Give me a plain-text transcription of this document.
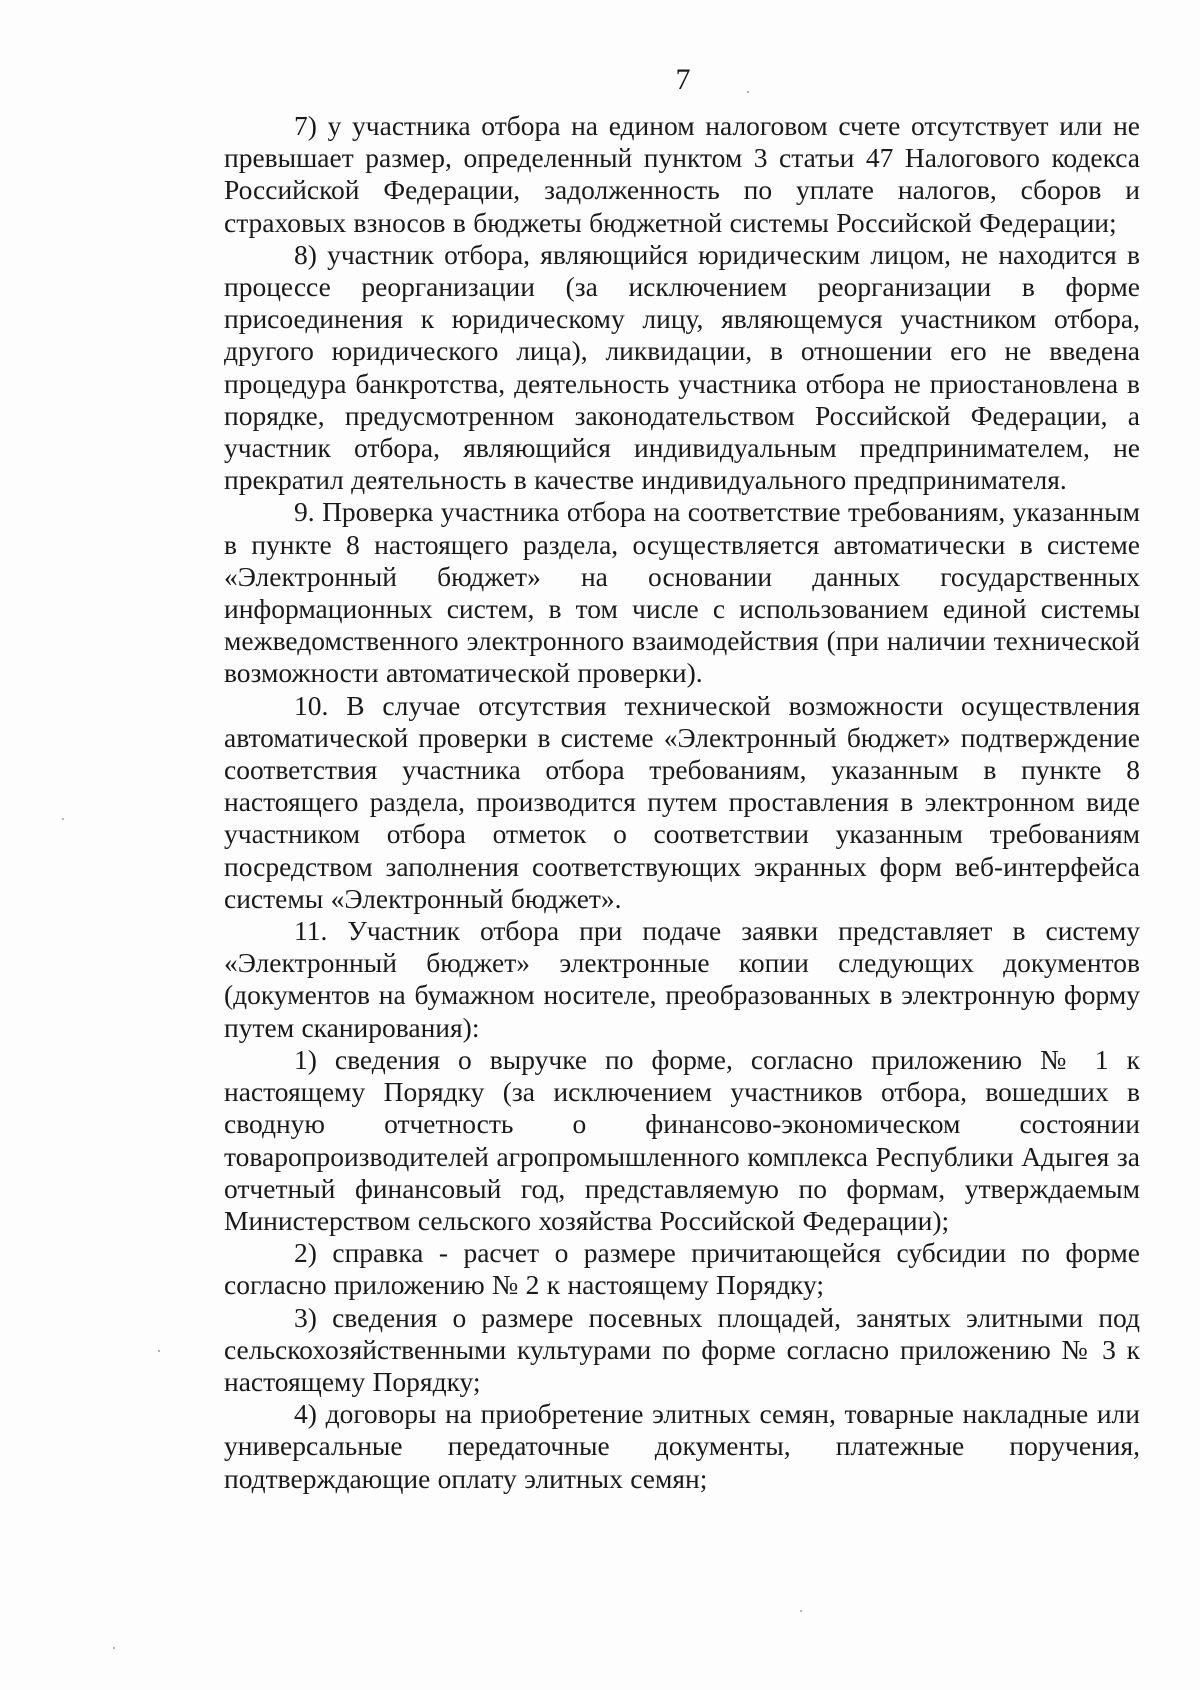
7

7) у участника отбора на едином налоговом счете отсутствует или не превышает размер, определенный пунктом 3 статьи 47 Налогового кодекса Российской Федерации, задолженность по уплате налогов, сборов и страховых взносов в бюджеты бюджетной системы Российской Федерации;

8) участник отбора, являющийся юридическим лицом, не находится в процессе реорганизации (за исключением реорганизации в форме присоединения к юридическому лицу, являющемуся участником отбора, другого юридического лица), ликвидации, в отношении его не введена процедура банкротства, деятельность участника отбора не приостановлена в порядке, предусмотренном законодательством Российской Федерации, а участник отбора, являющийся индивидуальным предпринимателем, не прекратил деятельность в качестве индивидуального предпринимателя.

9. Проверка участника отбора на соответствие требованиям, указанным в пункте 8 настоящего раздела, осуществляется автоматически в системе «Электронный бюджет» на основании данных государственных информационных систем, в том числе с использованием единой системы межведомственного электронного взаимодействия (при наличии технической возможности автоматической проверки).

10. В случае отсутствия технической возможности осуществления автоматической проверки в системе «Электронный бюджет» подтверждение соответствия участника отбора требованиям, указанным в пункте 8 настоящего раздела, производится путем проставления в электронном виде участником отбора отметок о соответствии указанным требованиям посредством заполнения соответствующих экранных форм веб-интерфейса системы «Электронный бюджет».

11. Участник отбора при подаче заявки представляет в систему «Электронный бюджет» электронные копии следующих документов (документов на бумажном носителе, преобразованных в электронную форму путем сканирования):

1) сведения о выручке по форме, согласно приложению № 1 к настоящему Порядку (за исключением участников отбора, вошедших в сводную отчетность о финансово-экономическом состоянии товаропроизводителей агропромышленного комплекса Республики Адыгея за отчетный финансовый год, представляемую по формам, утверждаемым Министерством сельского хозяйства Российской Федерации);

2) справка - расчет о размере причитающейся субсидии по форме согласно приложению № 2 к настоящему Порядку;

3) сведения о размере посевных площадей, занятых элитными под сельскохозяйственными культурами по форме согласно приложению № 3 к настоящему Порядку;

4) договоры на приобретение элитных семян, товарные накладные или универсальные передаточные документы, платежные поручения, подтверждающие оплату элитных семян;
